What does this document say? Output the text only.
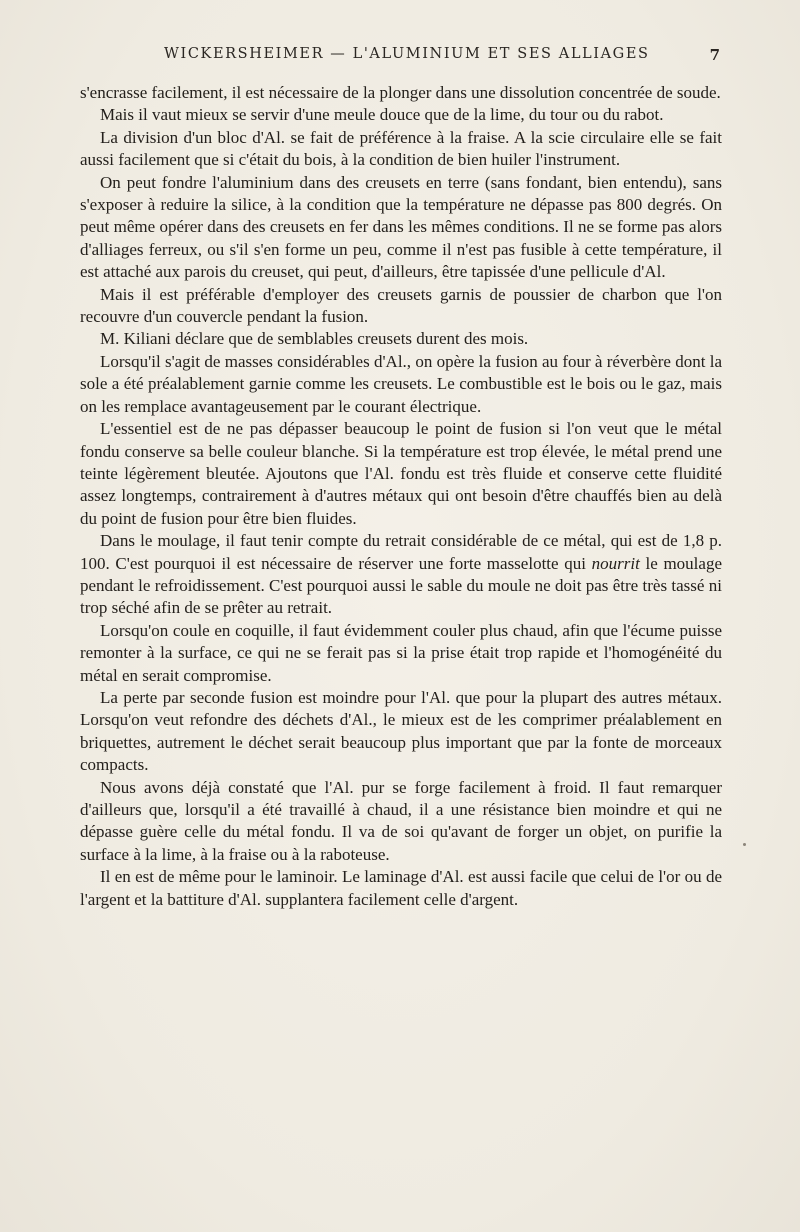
WICKERSHEIMER — L'ALUMINIUM ET SES ALLIAGES	7

s'encrasse facilement, il est nécessaire de la plonger dans une dissolution concentrée de soude.

Mais il vaut mieux se servir d'une meule douce que de la lime, du tour ou du rabot.

La division d'un bloc d'Al. se fait de préférence à la fraise. A la scie circulaire elle se fait aussi facilement que si c'était du bois, à la condition de bien huiler l'instrument.

On peut fondre l'aluminium dans des creusets en terre (sans fondant, bien entendu), sans s'exposer à reduire la silice, à la condition que la température ne dépasse pas 800 degrés. On peut même opérer dans des creusets en fer dans les mêmes conditions. Il ne se forme pas alors d'alliages ferreux, ou s'il s'en forme un peu, comme il n'est pas fusible à cette température, il est attaché aux parois du creuset, qui peut, d'ailleurs, être tapissée d'une pellicule d'Al.

Mais il est préférable d'employer des creusets garnis de poussier de charbon que l'on recouvre d'un couvercle pendant la fusion.

M. Kiliani déclare que de semblables creusets durent des mois.

Lorsqu'il s'agit de masses considérables d'Al., on opère la fusion au four à réverbère dont la sole a été préalablement garnie comme les creusets. Le combustible est le bois ou le gaz, mais on les remplace avantageusement par le courant électrique.

L'essentiel est de ne pas dépasser beaucoup le point de fusion si l'on veut que le métal fondu conserve sa belle couleur blanche. Si la température est trop élevée, le métal prend une teinte légèrement bleutée. Ajoutons que l'Al. fondu est très fluide et conserve cette fluidité assez longtemps, contrairement à d'autres métaux qui ont besoin d'être chauffés bien au delà du point de fusion pour être bien fluides.

Dans le moulage, il faut tenir compte du retrait considérable de ce métal, qui est de 1,8 p. 100. C'est pourquoi il est nécessaire de réserver une forte masselotte qui nourrit le moulage pendant le refroidissement. C'est pourquoi aussi le sable du moule ne doit pas être très tassé ni trop séché afin de se prêter au retrait.

Lorsqu'on coule en coquille, il faut évidemment couler plus chaud, afin que l'écume puisse remonter à la surface, ce qui ne se ferait pas si la prise était trop rapide et l'homogénéité du métal en serait compromise.

La perte par seconde fusion est moindre pour l'Al. que pour la plupart des autres métaux. Lorsqu'on veut refondre des déchets d'Al., le mieux est de les comprimer préalablement en briquettes, autrement le déchet serait beaucoup plus important que par la fonte de morceaux compacts.

Nous avons déjà constaté que l'Al. pur se forge facilement à froid. Il faut remarquer d'ailleurs que, lorsqu'il a été travaillé à chaud, il a une résistance bien moindre et qui ne dépasse guère celle du métal fondu. Il va de soi qu'avant de forger un objet, on purifie la surface à la lime, à la fraise ou à la raboteuse.

Il en est de même pour le laminoir. Le laminage d'Al. est aussi facile que celui de l'or ou de l'argent et la battiture d'Al. supplantera facilement celle d'argent.
